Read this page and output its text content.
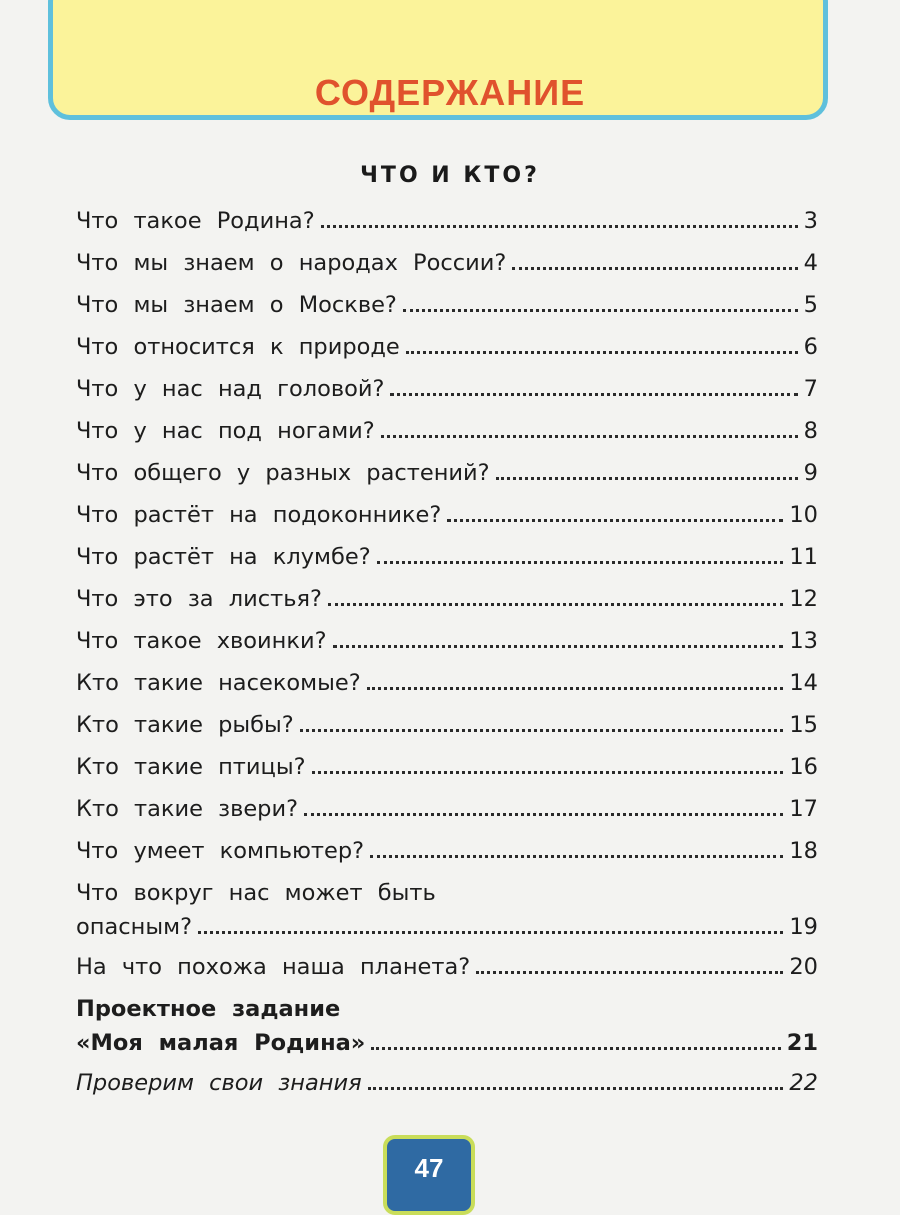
СОДЕРЖАНИЕ
ЧТО И КТО?
Что такое Родина?	3
Что мы знаем о народах России?	4
Что мы знаем о Москве?	5
Что относится к природе	6
Что у нас над головой?	7
Что у нас под ногами?	8
Что общего у разных растений?	9
Что растёт на подоконнике?	10
Что растёт на клумбе?	11
Что это за листья?	12
Что такое хвоинки?	13
Кто такие насекомые?	14
Кто такие рыбы?	15
Кто такие птицы?	16
Кто такие звери?	17
Что умеет компьютер?	18
Что вокруг нас может быть
опасным?	19
На что похожа наша планета?	20
Проектное задание
«Моя малая Родина»	21
Проверим свои знания	22
47
